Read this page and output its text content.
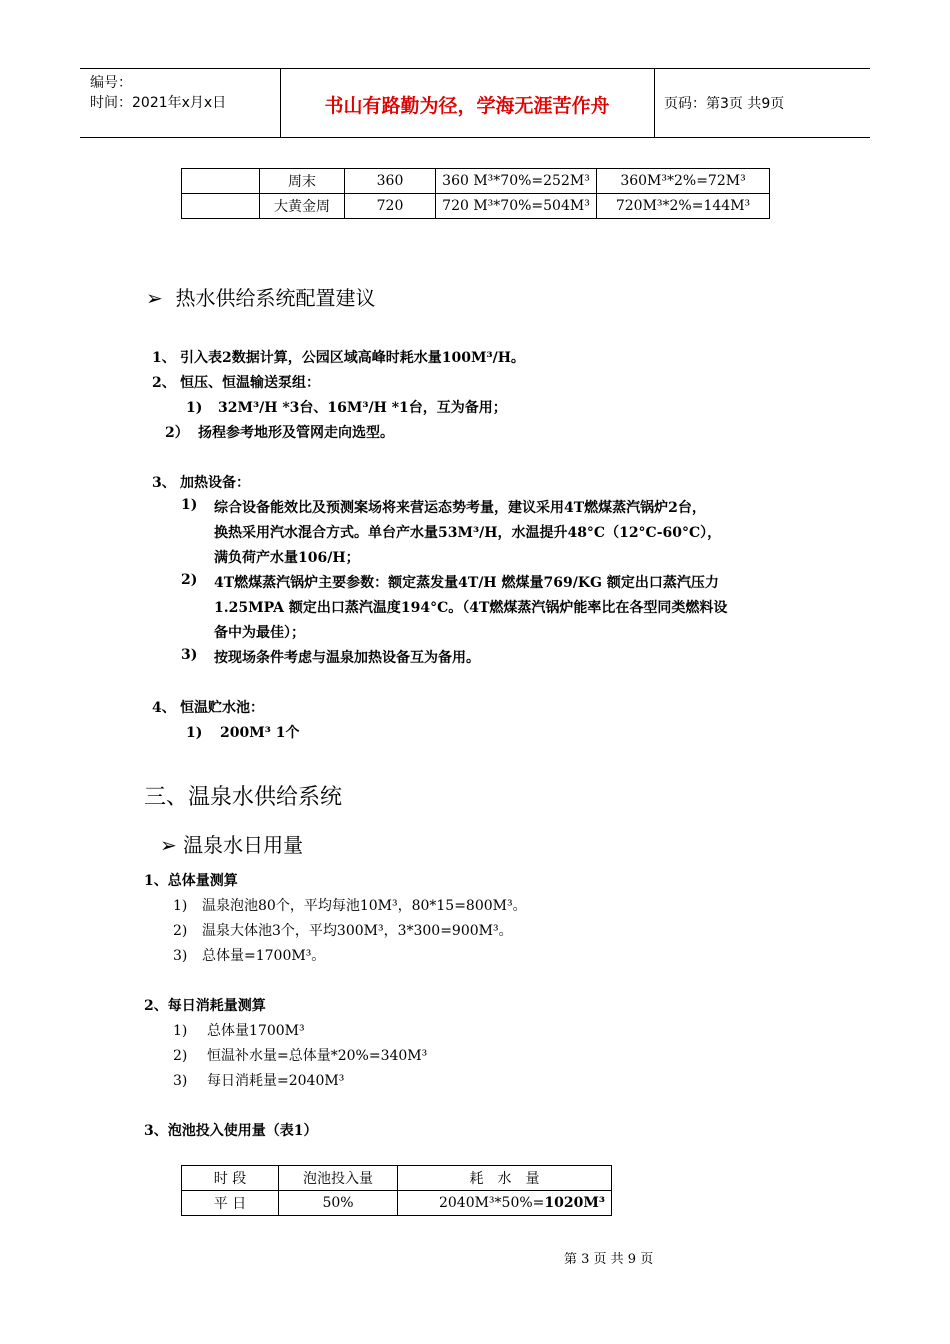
编号：
时间：2021年x月x日	书山有路勤为径，学海无涯苦作舟	页码：第3页 共9页
	周末	360	360 M³*70%=252M³	360M³*2%=72M³
	大黄金周	720	720 M³*70%=504M³	720M³*2%=144M³
➢ 热水供给系统配置建议
1、 引入表2数据计算，公园区域高峰时耗水量100M³/H。
2、 恒压、恒温输送泵组：
1) 32M³/H *3台、16M³/H *1台，互为备用；
2） 扬程参考地形及管网走向选型。
3、 加热设备：
1) 综合设备能效比及预测案场将来营运态势考量，建议采用4T燃煤蒸汽锅炉2台，
换热采用汽水混合方式。单台产水量53M³/H，水温提升48°C（12°C-60°C），
满负荷产水量106/H；
2) 4T燃煤蒸汽锅炉主要参数：额定蒸发量4T/H 燃煤量769/KG 额定出口蒸汽压力
1.25MPA 额定出口蒸汽温度194°C。（4T燃煤蒸汽锅炉能率比在各型同类燃料设
备中为最佳）；
3) 按现场条件考虑与温泉加热设备互为备用。
4、 恒温贮水池：
1) 200M³ 1个
三、温泉水供给系统
➢ 温泉水日用量
1、总体量测算
1) 温泉泡池80个，平均每池10M³，80*15=800M³。
2) 温泉大体池3个，平均300M³，3*300=900M³。
3) 总体量=1700M³。
2、每日消耗量测算
1) 总体量1700M³
2) 恒温补水量=总体量*20%=340M³
3) 每日消耗量=2040M³
3、泡池投入使用量（表1）
时 段	泡池投入量	耗　水　量
平 日	50%	2040M³*50%=1020M³
第 3 页 共 9 页
